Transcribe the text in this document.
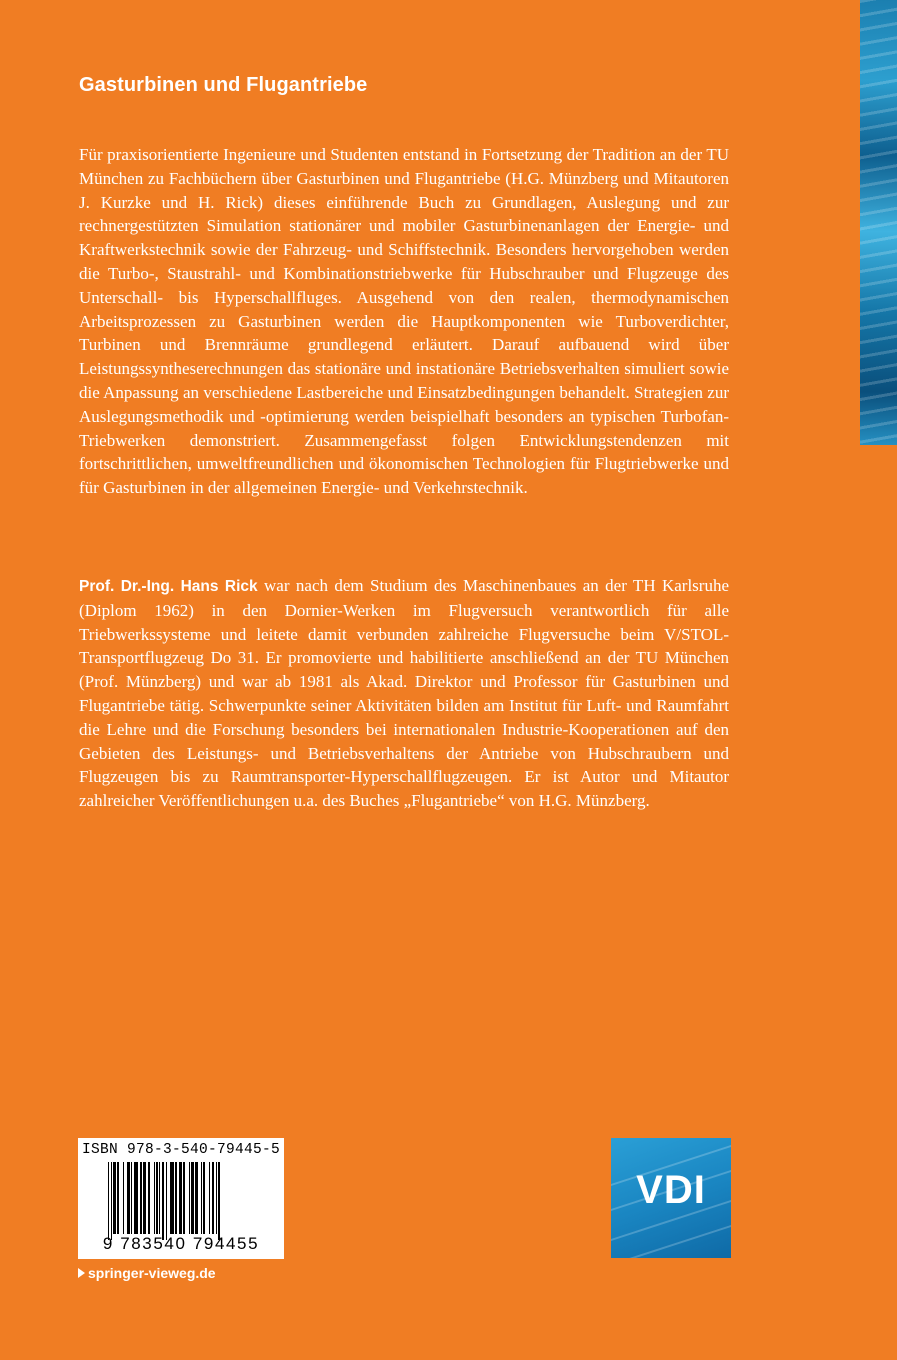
Gasturbinen und Flugantriebe

Für praxisorientierte Ingenieure und Studenten entstand in Fortsetzung der Tradition an der TU München zu Fachbüchern über Gasturbinen und Flugantriebe (H.G. Münzberg und Mitautoren J. Kurzke und H. Rick) dieses einführende Buch zu Grundlagen, Auslegung und zur rechnergestützten Simulation stationärer und mobiler Gasturbinenanlagen der Energie- und Kraftwerkstechnik sowie der Fahrzeug- und Schiffstechnik. Besonders hervorgehoben werden die Turbo-, Staustrahl- und Kombinationstriebwerke für Hubschrauber und Flugzeuge des Unterschall- bis Hyperschallfluges. Ausgehend von den realen, thermodynamischen Arbeitsprozessen zu Gasturbinen werden die Hauptkomponenten wie Turboverdichter, Turbinen und Brennräume grundlegend erläutert. Darauf aufbauend wird über Leistungssyntheserechnungen das stationäre und instationäre Betriebsverhalten simuliert sowie die Anpassung an verschiedene Lastbereiche und Einsatzbedingungen behandelt. Strategien zur Auslegungsmethodik und -optimierung werden beispielhaft besonders an typischen Turbofan-Triebwerken demonstriert. Zusammengefasst folgen Entwicklungstendenzen mit fortschrittlichen, umweltfreundlichen und ökonomischen Technologien für Flugtriebwerke und für Gasturbinen in der allgemeinen Energie- und Verkehrstechnik.

Prof. Dr.-Ing. Hans Rick war nach dem Studium des Maschinenbaues an der TH Karlsruhe (Diplom 1962) in den Dornier-Werken im Flugversuch verantwortlich für alle Triebwerkssysteme und leitete damit verbunden zahlreiche Flugversuche beim V/STOL-Transportflugzeug Do 31. Er promovierte und habilitierte anschließend an der TU München (Prof. Münzberg) und war ab 1981 als Akad. Direktor und Professor für Gasturbinen und Flugantriebe tätig. Schwerpunkte seiner Aktivitäten bilden am Institut für Luft- und Raumfahrt die Lehre und die Forschung besonders bei internationalen Industrie-Kooperationen auf den Gebieten des Leistungs- und Betriebsverhaltens der Antriebe von Hubschraubern und Flugzeugen bis zu Raumtransporter-Hyperschallflugzeugen. Er ist Autor und Mitautor zahlreicher Veröffentlichungen u.a. des Buches „Flugantriebe“ von H.G. Münzberg.

ISBN 978-3-540-79445-5
9 783540 794455
springer-vieweg.de
VDI
